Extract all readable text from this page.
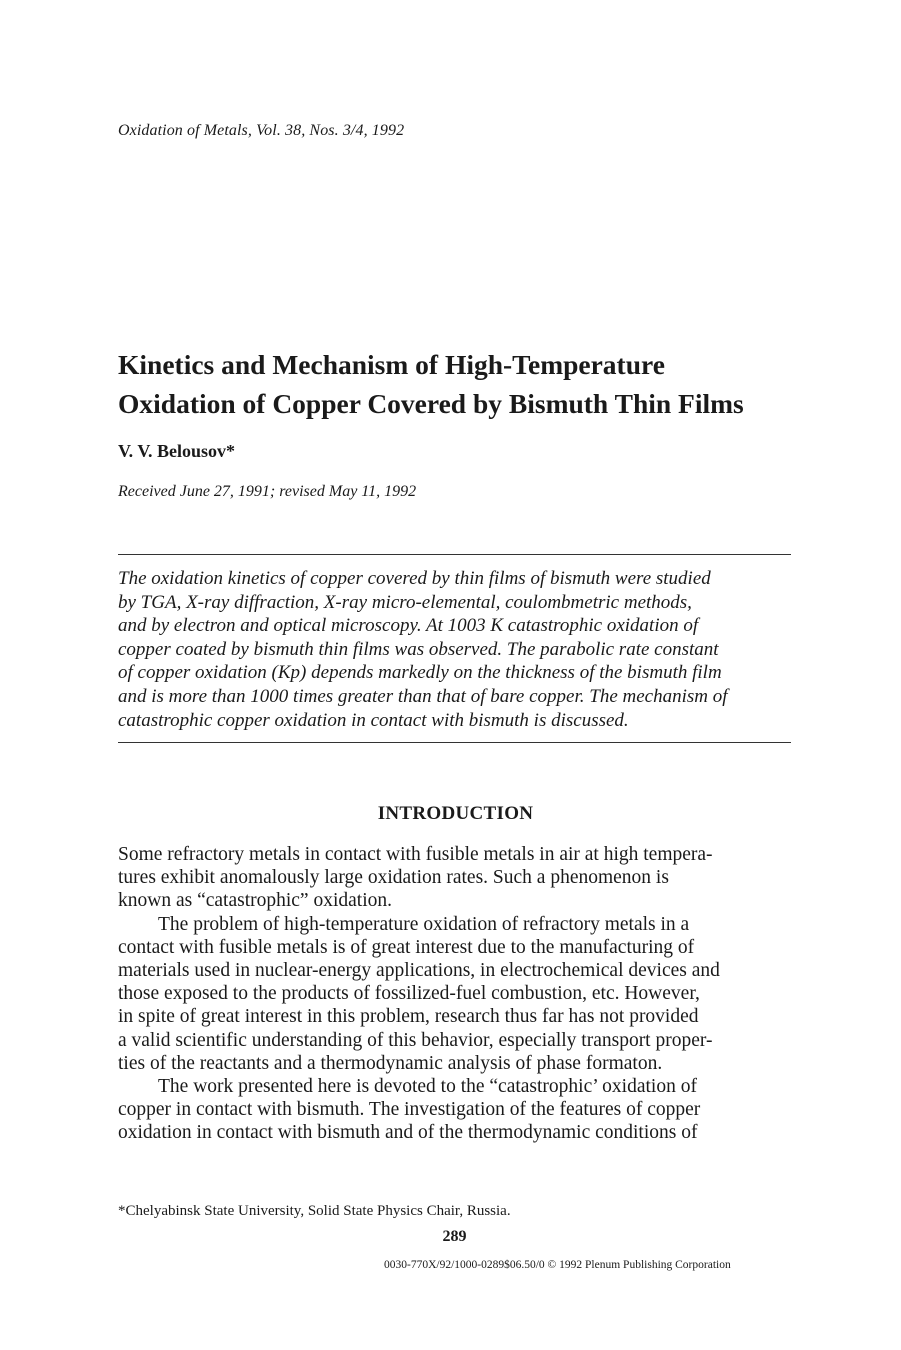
Oxidation of Metals, Vol. 38, Nos. 3/4, 1992
Kinetics and Mechanism of High-Temperature
Oxidation of Copper Covered by Bismuth Thin Films
V. V. Belousov*
Received June 27, 1991; revised May 11, 1992
The oxidation kinetics of copper covered by thin films of bismuth were studied
by TGA, X-ray diffraction, X-ray micro-elemental, coulombmetric methods,
and by electron and optical microscopy. At 1003 K catastrophic oxidation of
copper coated by bismuth thin films was observed. The parabolic rate constant
of copper oxidation (Kp) depends markedly on the thickness of the bismuth film
and is more than 1000 times greater than that of bare copper. The mechanism of
catastrophic copper oxidation in contact with bismuth is discussed.
INTRODUCTION
Some refractory metals in contact with fusible metals in air at high tempera-
tures exhibit anomalously large oxidation rates. Such a phenomenon is
known as “catastrophic” oxidation.
The problem of high-temperature oxidation of refractory metals in a
contact with fusible metals is of great interest due to the manufacturing of
materials used in nuclear-energy applications, in electrochemical devices and
those exposed to the products of fossilized-fuel combustion, etc. However,
in spite of great interest in this problem, research thus far has not provided
a valid scientific understanding of this behavior, especially transport proper-
ties of the reactants and a thermodynamic analysis of phase formaton.
The work presented here is devoted to the “catastrophic’ oxidation of
copper in contact with bismuth. The investigation of the features of copper
oxidation in contact with bismuth and of the thermodynamic conditions of
*Chelyabinsk State University, Solid State Physics Chair, Russia.
289
0030-770X/92/1000-0289$06.50/0 © 1992 Plenum Publishing Corporation
